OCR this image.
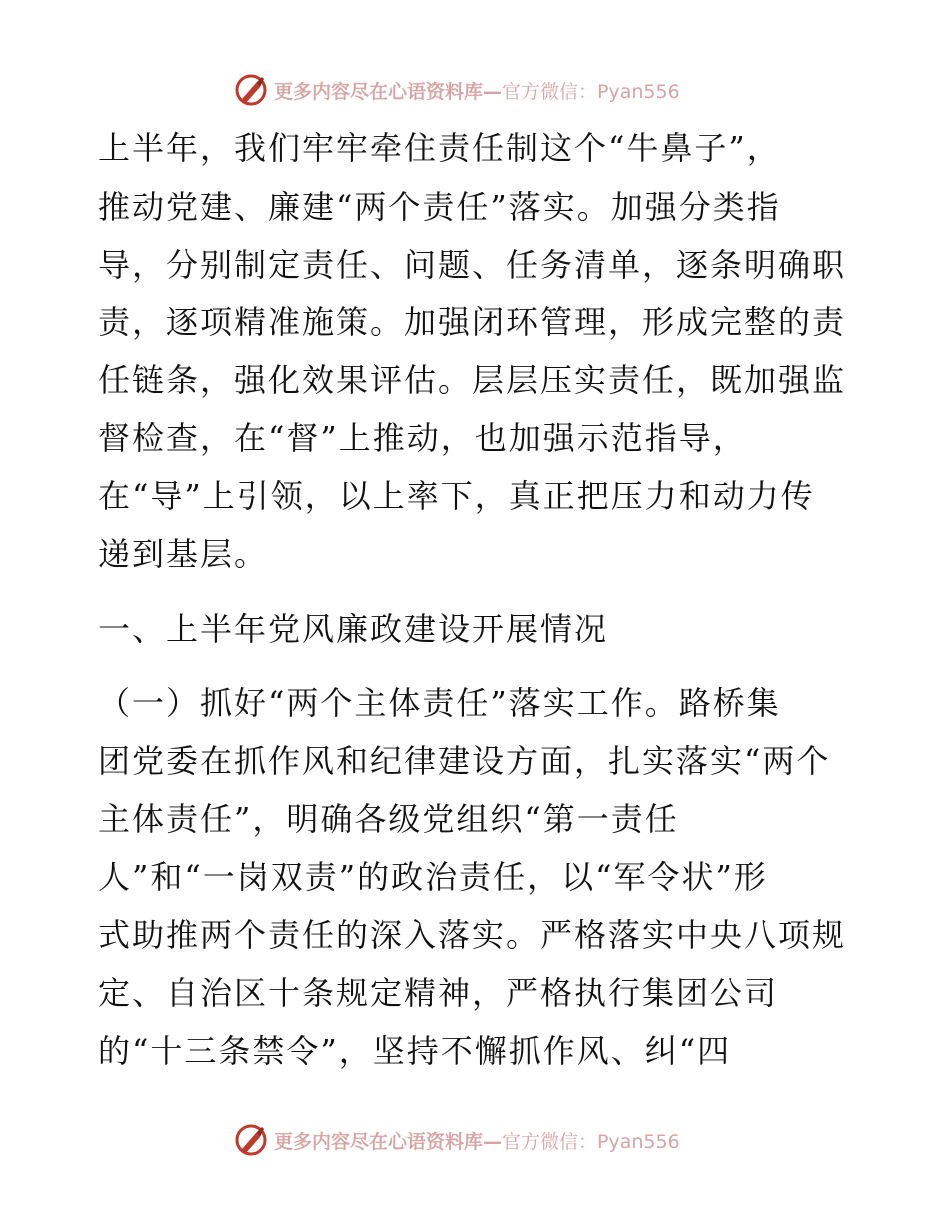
更多内容尽在心语资料库—官方微信：Pyan556

上半年，我们牢牢牵住责任制这个“牛鼻子”，

推动党建、廉建“两个责任”落实。加强分类指

导，分别制定责任、问题、任务清单，逐条明确职

责，逐项精准施策。加强闭环管理，形成完整的责

任链条，强化效果评估。层层压实责任，既加强监

督检查，在“督”上推动，也加强示范指导，

在“导”上引领，以上率下，真正把压力和动力传

递到基层。

一、上半年党风廉政建设开展情况

（一）抓好“两个主体责任”落实工作。路桥集

团党委在抓作风和纪律建设方面，扎实落实“两个

主体责任”，明确各级党组织“第一责任

人”和“一岗双责”的政治责任，以“军令状”形

式助推两个责任的深入落实。严格落实中央八项规

定、自治区十条规定精神，严格执行集团公司

的“十三条禁令”，坚持不懈抓作风、纠“四

更多内容尽在心语资料库—官方微信：Pyan556
